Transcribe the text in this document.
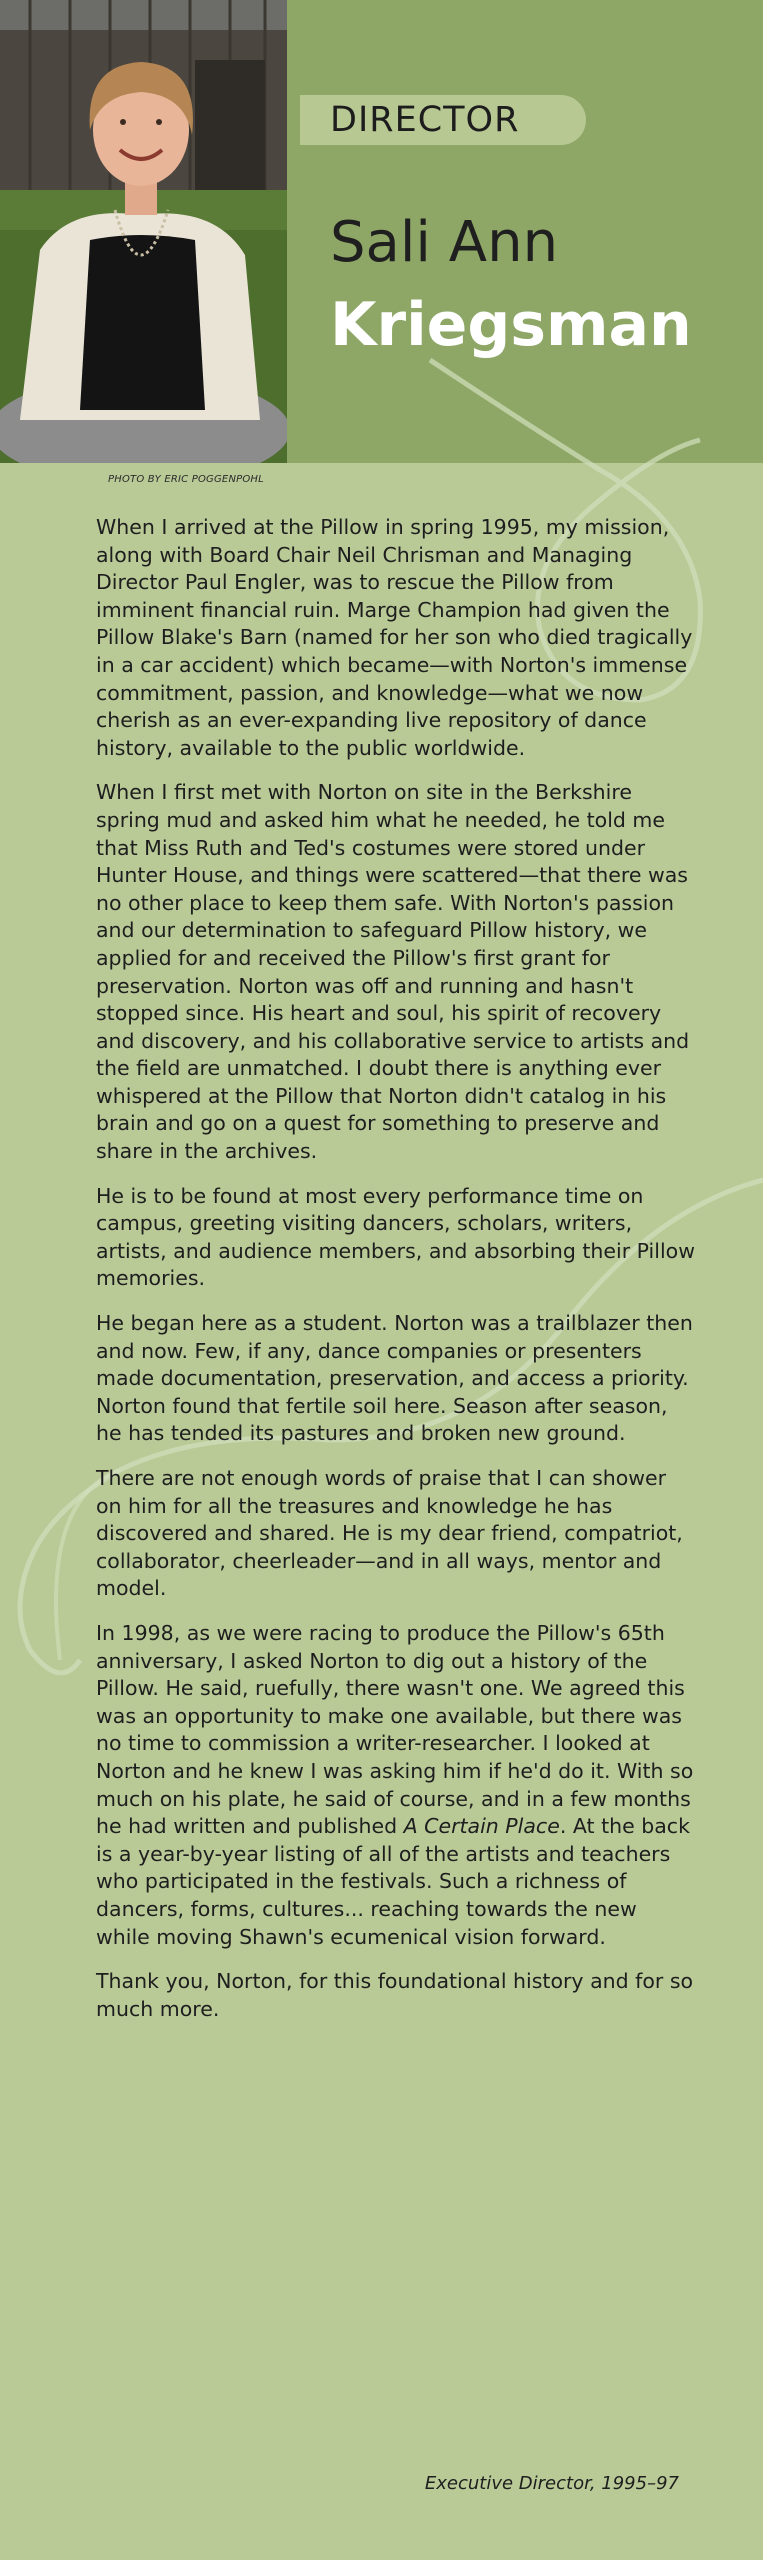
DIRECTOR
Sali Ann
Kriegsman
PHOTO BY ERIC POGGENPOHL

When I arrived at the Pillow in spring 1995, my mission, along with Board Chair Neil Chrisman and Managing Director Paul Engler, was to rescue the Pillow from imminent financial ruin. Marge Champion had given the Pillow Blake's Barn (named for her son who died tragically in a car accident) which became—with Norton's immense commitment, passion, and knowledge—what we now cherish as an ever-expanding live repository of dance history, available to the public worldwide.

When I first met with Norton on site in the Berkshire spring mud and asked him what he needed, he told me that Miss Ruth and Ted's costumes were stored under Hunter House, and things were scattered—that there was no other place to keep them safe. With Norton's passion and our determination to safeguard Pillow history, we applied for and received the Pillow's first grant for preservation. Norton was off and running and hasn't stopped since. His heart and soul, his spirit of recovery and discovery, and his collaborative service to artists and the field are unmatched. I doubt there is anything ever whispered at the Pillow that Norton didn't catalog in his brain and go on a quest for something to preserve and share in the archives.

He is to be found at most every performance time on campus, greeting visiting dancers, scholars, writers, artists, and audience members, and absorbing their Pillow memories.

He began here as a student. Norton was a trailblazer then and now. Few, if any, dance companies or presenters made documentation, preservation, and access a priority. Norton found that fertile soil here. Season after season, he has tended its pastures and broken new ground.

There are not enough words of praise that I can shower on him for all the treasures and knowledge he has discovered and shared. He is my dear friend, compatriot, collaborator, cheerleader—and in all ways, mentor and model.

In 1998, as we were racing to produce the Pillow's 65th anniversary, I asked Norton to dig out a history of the Pillow. He said, ruefully, there wasn't one. We agreed this was an opportunity to make one available, but there was no time to commission a writer-researcher. I looked at Norton and he knew I was asking him if he'd do it. With so much on his plate, he said of course, and in a few months he had written and published A Certain Place. At the back is a year-by-year listing of all of the artists and teachers who participated in the festivals. Such a richness of dancers, forms, cultures... reaching towards the new while moving Shawn's ecumenical vision forward.

Thank you, Norton, for this foundational history and for so much more.

Executive Director, 1995–97
